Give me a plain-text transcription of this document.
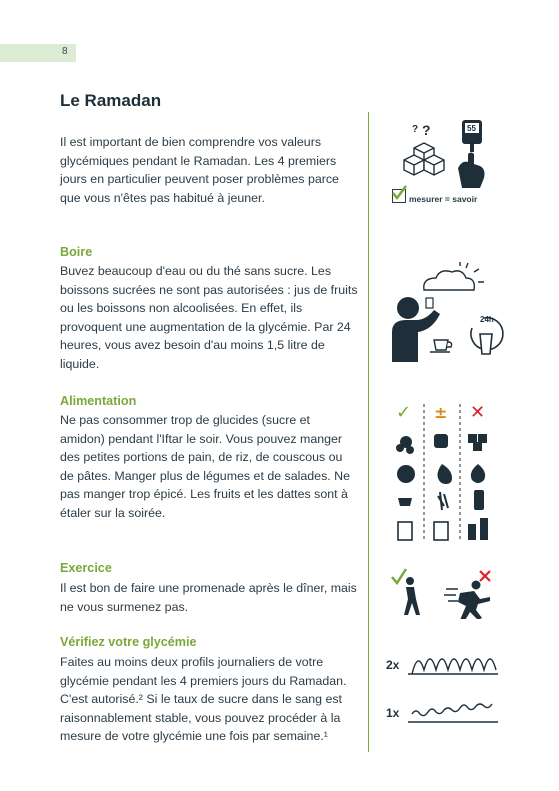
8
Le Ramadan
Il est important de bien comprendre vos valeurs glycémiques pendant le Ramadan. Les 4 premiers jours en particulier peuvent poser problèmes parce que vous n'êtes pas habitué à jeuner.
Boire
Buvez beaucoup d'eau ou du thé sans sucre. Les boissons sucrées ne sont pas autorisées : jus de fruits ou les boissons non alcoolisées. En effet, ils provoquent une augmentation de la glycémie. Par 24 heures, vous avez besoin d'au moins 1,5 litre de liquide.
Alimentation
Ne pas consommer trop de glucides (sucre et amidon) pendant l'Iftar le soir. Vous pouvez manger des petites portions de pain, de riz, de couscous ou de pâtes. Manger plus de légumes et de salades. Ne pas manger trop épicé. Les fruits et les dattes sont à étaler sur la soirée.
Exercice
Il est bon de faire une promenade après le dîner, mais ne vous surmenez pas.
Vérifiez votre glycémie
Faites au moins deux profils journaliers de votre glycémie pendant les 4 premiers jours du Ramadan. C'est autorisé.² Si le taux de sucre dans le sang est raisonnablement stable, vous pouvez procéder à la mesure de votre glycémie une fois par semaine.¹
? ?	55
mesurer = savoir
24h
✓ ± ✕
2x
1x
